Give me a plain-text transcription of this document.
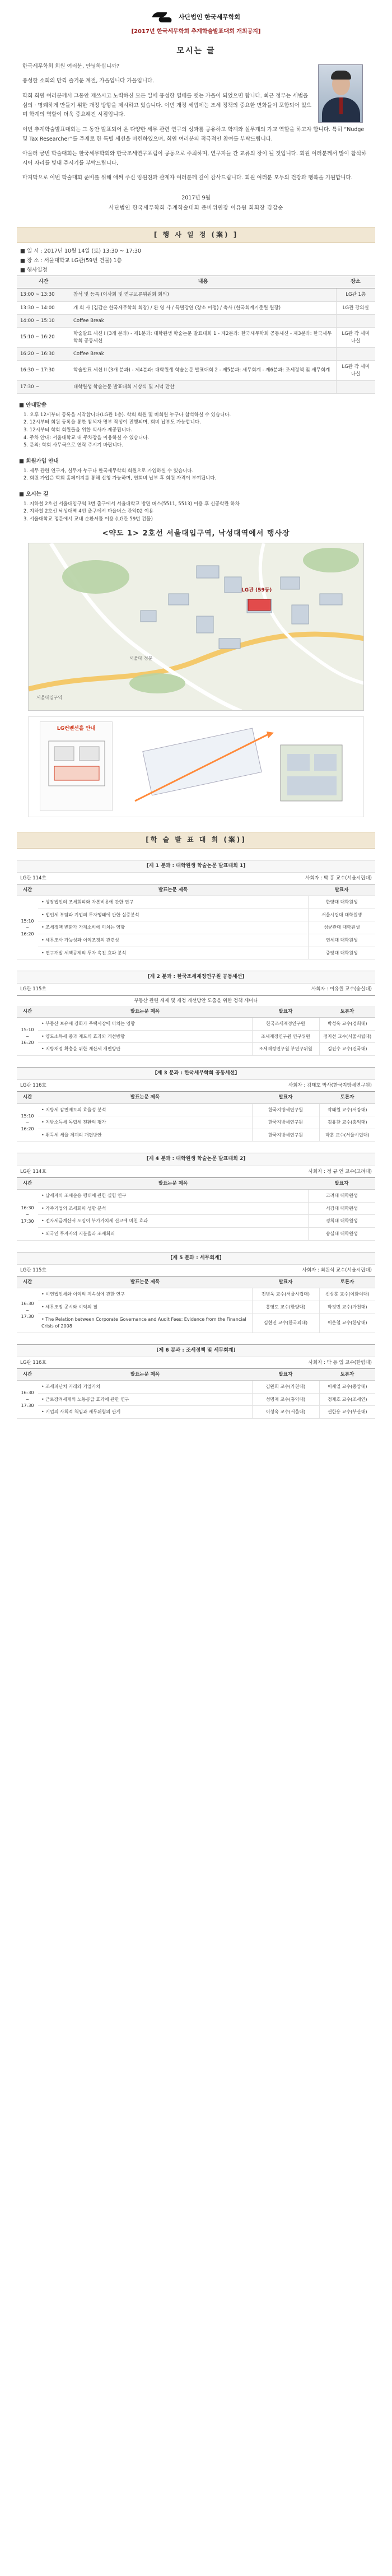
사단법인 한국세무학회
[2017년 한국세무학회 추계학술발표대회 개최공지]
모시는 글

한국세무학회 회원 여러분, 안녕하십니까?

풍성한 소회의 만끽 즐거운 계절, 가을입니다 가을입니다.

학회 회원 여러분께서 그동안 재쓰시고 노력하신 모든 일에 풍성한 열매를 맺는 가을이 되었으면 합니다. 최근 정부는 세법을 심의 · 명쾌하게 만들기 위한 개정 방향을 제시하고 있습니다. 이번 개정 세법에는 조세 정책의 중요한 변화들이 포함되어 있으며 학계의 역할이 더욱 중요해진 시점입니다.

이번 추계학술발표대회는 그 동안 발표되어 온 다양한 세무 관련 연구의 성과를 공유하고 학계와 실무계의 가교 역할을 하고자 합니다. 특히 “Nudge 및 Tax Researcher”를 주제로 한 특별 세션을 마련하였으며, 회원 여러분의 적극적인 참여를 부탁드립니다.

아울러 금번 학술대회는 한국세무학회와 한국조세연구포럼이 공동으로 주최하며, 연구자들 간 교류의 장이 될 것입니다. 회원 여러분께서 많이 참석하시어 자리를 빛내 주시기를 부탁드립니다.

마지막으로 이번 학술대회 준비를 위해 애써 주신 임원진과 관계자 여러분께 깊이 감사드립니다. 회원 여러분 모두의 건강과 행복을 기원합니다.

2017년 9월
사단법인 한국세무학회 추계학술대회 준비위원장 이유원 회회장 김갑순
[ 행 사 일 정 (案) ]
■ 일 시 : 2017년 10월 14일 (토) 13:30 ~ 17:30
■ 장 소 : 서울대학교 LG관(59번 건물) 1층
■ 행사일정
시간	내용	장소
13:00 ~ 13:30	참석 및 등록 (이사회 및 연구교류위원회 회의)	LG관 1층
13:30 ~ 14:00	개 회 사 (김갑순 한국세무학회 회장) / 환 영 사 / 특별강연 (장소 미정) / 축사 (한국회계기준원 원장)	LG관 강의실
14:00 ~ 15:10	Coffee Break	
15:10 ~ 16:20	학술발표 세션 I (3개 분과) - 제1분과: 대학원생 학술논문 발표대회 1 - 제2분과: 한국세무학회 공동세션 - 제3분과: 한국세무학회 공동세션	LG관 각 세미나실
16:20 ~ 16:30	Coffee Break	
16:30 ~ 17:30	학술발표 세션 II (3개 분과) - 제4분과: 대학원생 학술논문 발표대회 2 - 제5분과: 세무회계 - 제6분과: 조세정책 및 세무회계	LG관 각 세미나실
17:30 ~	대학원생 학술논문 발표대회 시상식 및 저녁 만찬	
■ 안내말씀
1. 오후 12시부터 등록을 시작합니다(LG관 1층). 학회 회원 및 비회원 누구나 참석하실 수 있습니다.
2. 12시부터 회원 등록을 통한 참석자 명부 작성이 진행되며, 회비 납부도 가능합니다.
3. 12시부터 학회 회원들을 위한 식사가 제공됩니다.
4. 주차 안내: 서울대학교 내 주차장을 이용하실 수 있습니다.
5. 문의: 학회 사무국으로 연락 주시기 바랍니다.
■ 회원가입 안내
1. 세무 관련 연구자, 실무자 누구나 한국세무학회 회원으로 가입하실 수 있습니다.
2. 회원 가입은 학회 홈페이지를 통해 신청 가능하며, 연회비 납부 후 회원 자격이 부여됩니다.
■ 오시는 길
1. 지하철 2호선 서울대입구역 3번 출구에서 서울대학교 방면 버스(5511, 5513) 이용 후 신공학관 하차
2. 지하철 2호선 낙성대역 4번 출구에서 마을버스 관악02 이용
3. 서울대학교 정문에서 교내 순환셔틀 이용 (LG관 59번 건물)
<약도 1> 2호선 서울대입구역, 낙성대역에서 행사장
LG관 (59동)
서울대입구역
서울대 정문
LG컨벤션홀 안내
[학 술 발 표 대 회 (案)]
[제 1 분과 : 대학원생 학술논문 발표대회 1]
LG관 114호	사회자 : 박 홍 교수(서울시립대)
시간	발표논문 제목	발표자
15:10 ~ 16:20	• 상장법인의 조세회피와 자본비용에 관한 연구	한양대 대학원생
	• 법인세 부담과 기업의 투자행태에 관한 실증분석	서울시립대 대학원생
	• 조세정책 변화가 가계소비에 미치는 영향	성균관대 대학원생
	• 세무조사 가능성과 이익조정의 관련성	연세대 대학원생
	• 연구개발 세액공제의 투자 촉진 효과 분석	중앙대 대학원생
[제 2 분과 : 한국조세재정연구원 공동세션]
LG관 115호	사회자 : 이유원 교수(숭실대)
부동산 관련 세제 및 재정 개선방안 도출을 위한 정책 세미나
시간	발표논문 제목	발표자	토론자
15:10 ~ 16:20	• 부동산 보유세 강화가 주택시장에 미치는 영향	한국조세재정연구원	박성욱 교수(경희대)
	• 양도소득세 중과 제도의 효과와 개선방향	조세재정연구원 연구위원	정지선 교수(서울시립대)
	• 지방재정 확충을 위한 재산세 개편방안	조세재정연구원 부연구위원	김진수 교수(건국대)
[제 3 분과 : 한국세무학회 공동세션]
LG관 116호	사회자 : 김태호 박사(한국지방세연구원)
시간	발표논문 제목	발표자	토론자
15:10 ~ 16:20	• 지방세 감면제도의 효율성 분석	한국지방세연구원	곽태원 교수(서강대)
	• 지방소득세 독립세 전환의 평가	한국지방세연구원	김유찬 교수(홍익대)
	• 취득세 세율 체계의 개편방안	한국지방세연구원	박훈 교수(서울시립대)
[제 4 분과 : 대학원생 학술논문 발표대회 2]
LG관 114호	사회자 : 정 규 언 교수(고려대)
시간	발표논문 제목	발표자
16:30 ~ 17:30	• 납세자의 조세순응 행태에 관한 실험 연구	고려대 대학원생
	• 가족기업의 조세회피 성향 분석	서강대 대학원생
	• 전자세금계산서 도입이 부가가치세 신고에 미친 효과	경희대 대학원생
	• 외국인 투자자의 지분율과 조세회피	숭실대 대학원생
[제 5 분과 : 세무회계]
LG관 115호	사회자 : 최원석 교수(서울시립대)
시간	발표논문 제목	발표자	토론자
16:30 ~ 17:30	• 이연법인세와 이익의 지속성에 관한 연구	전병욱 교수(서울시립대)	신상훈 교수(이화여대)
	• 세무조정 공시와 이익의 질	홍영도 교수(한양대)	박정민 교수(가천대)
	• The Relation between Corporate Governance and Audit Fees: Evidence from the Financial Crisis of 2008	김현진 교수(한국외대)	이은철 교수(한남대)
[제 6 분과 : 조세정책 및 세무회계]
LG관 116호	사회자 : 박 동 엽 교수(한림대)
시간	발표논문 제목	발표자	토론자
16:30 ~ 17:30	• 조세피난처 거래와 기업가치	김완희 교수(가천대)	이세열 교수(중앙대)
	• 근로장려세제의 노동공급 효과에 관한 연구	성명재 교수(홍익대)	정재호 교수(조세연)
	• 기업의 사회적 책임과 세무위험의 관계	이성욱 교수(서울대)	권한용 교수(부산대)
